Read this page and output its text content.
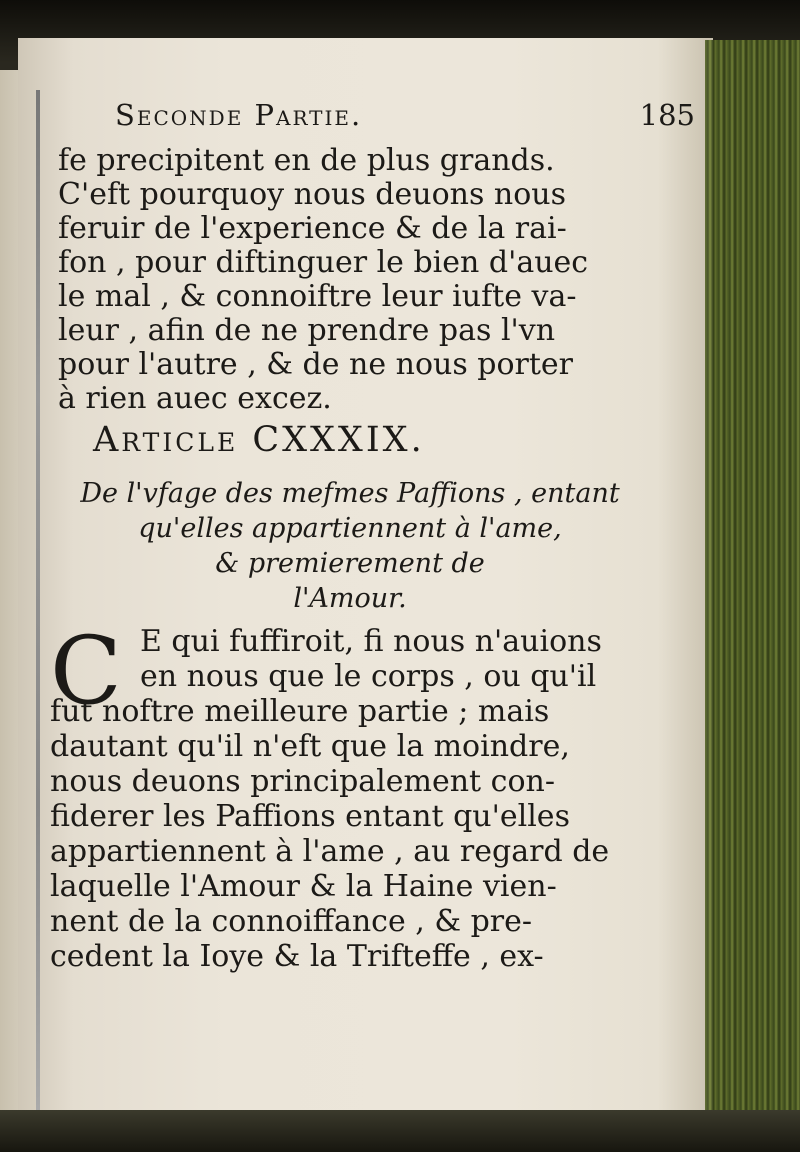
Seconde Partie.	185
fe precipitent en de plus grands.
C'eft pourquoy nous deuons nous
feruir de l'experience & de la rai-
fon , pour diftinguer le bien d'auec
le mal , & connoiftre leur iufte va-
leur , afin de ne prendre pas l'vn
pour l'autre , & de ne nous porter
à rien auec excez.
Article CXXXIX.
De l'vfage des mefmes Paffions , entant
qu'elles appartiennent à l'ame,
& premierement de
l'Amour.
C E qui fuffiroit, fi nous n'auions
en nous que le corps , ou qu'il
fut noftre meilleure partie ; mais
dautant qu'il n'eft que la moindre,
nous deuons principalement con-
fiderer les Paffions entant qu'elles
appartiennent à l'ame , au regard de
laquelle l'Amour & la Haine vien-
nent de la connoiffance , & pre-
cedent la Ioye & la Trifteffe , ex-
